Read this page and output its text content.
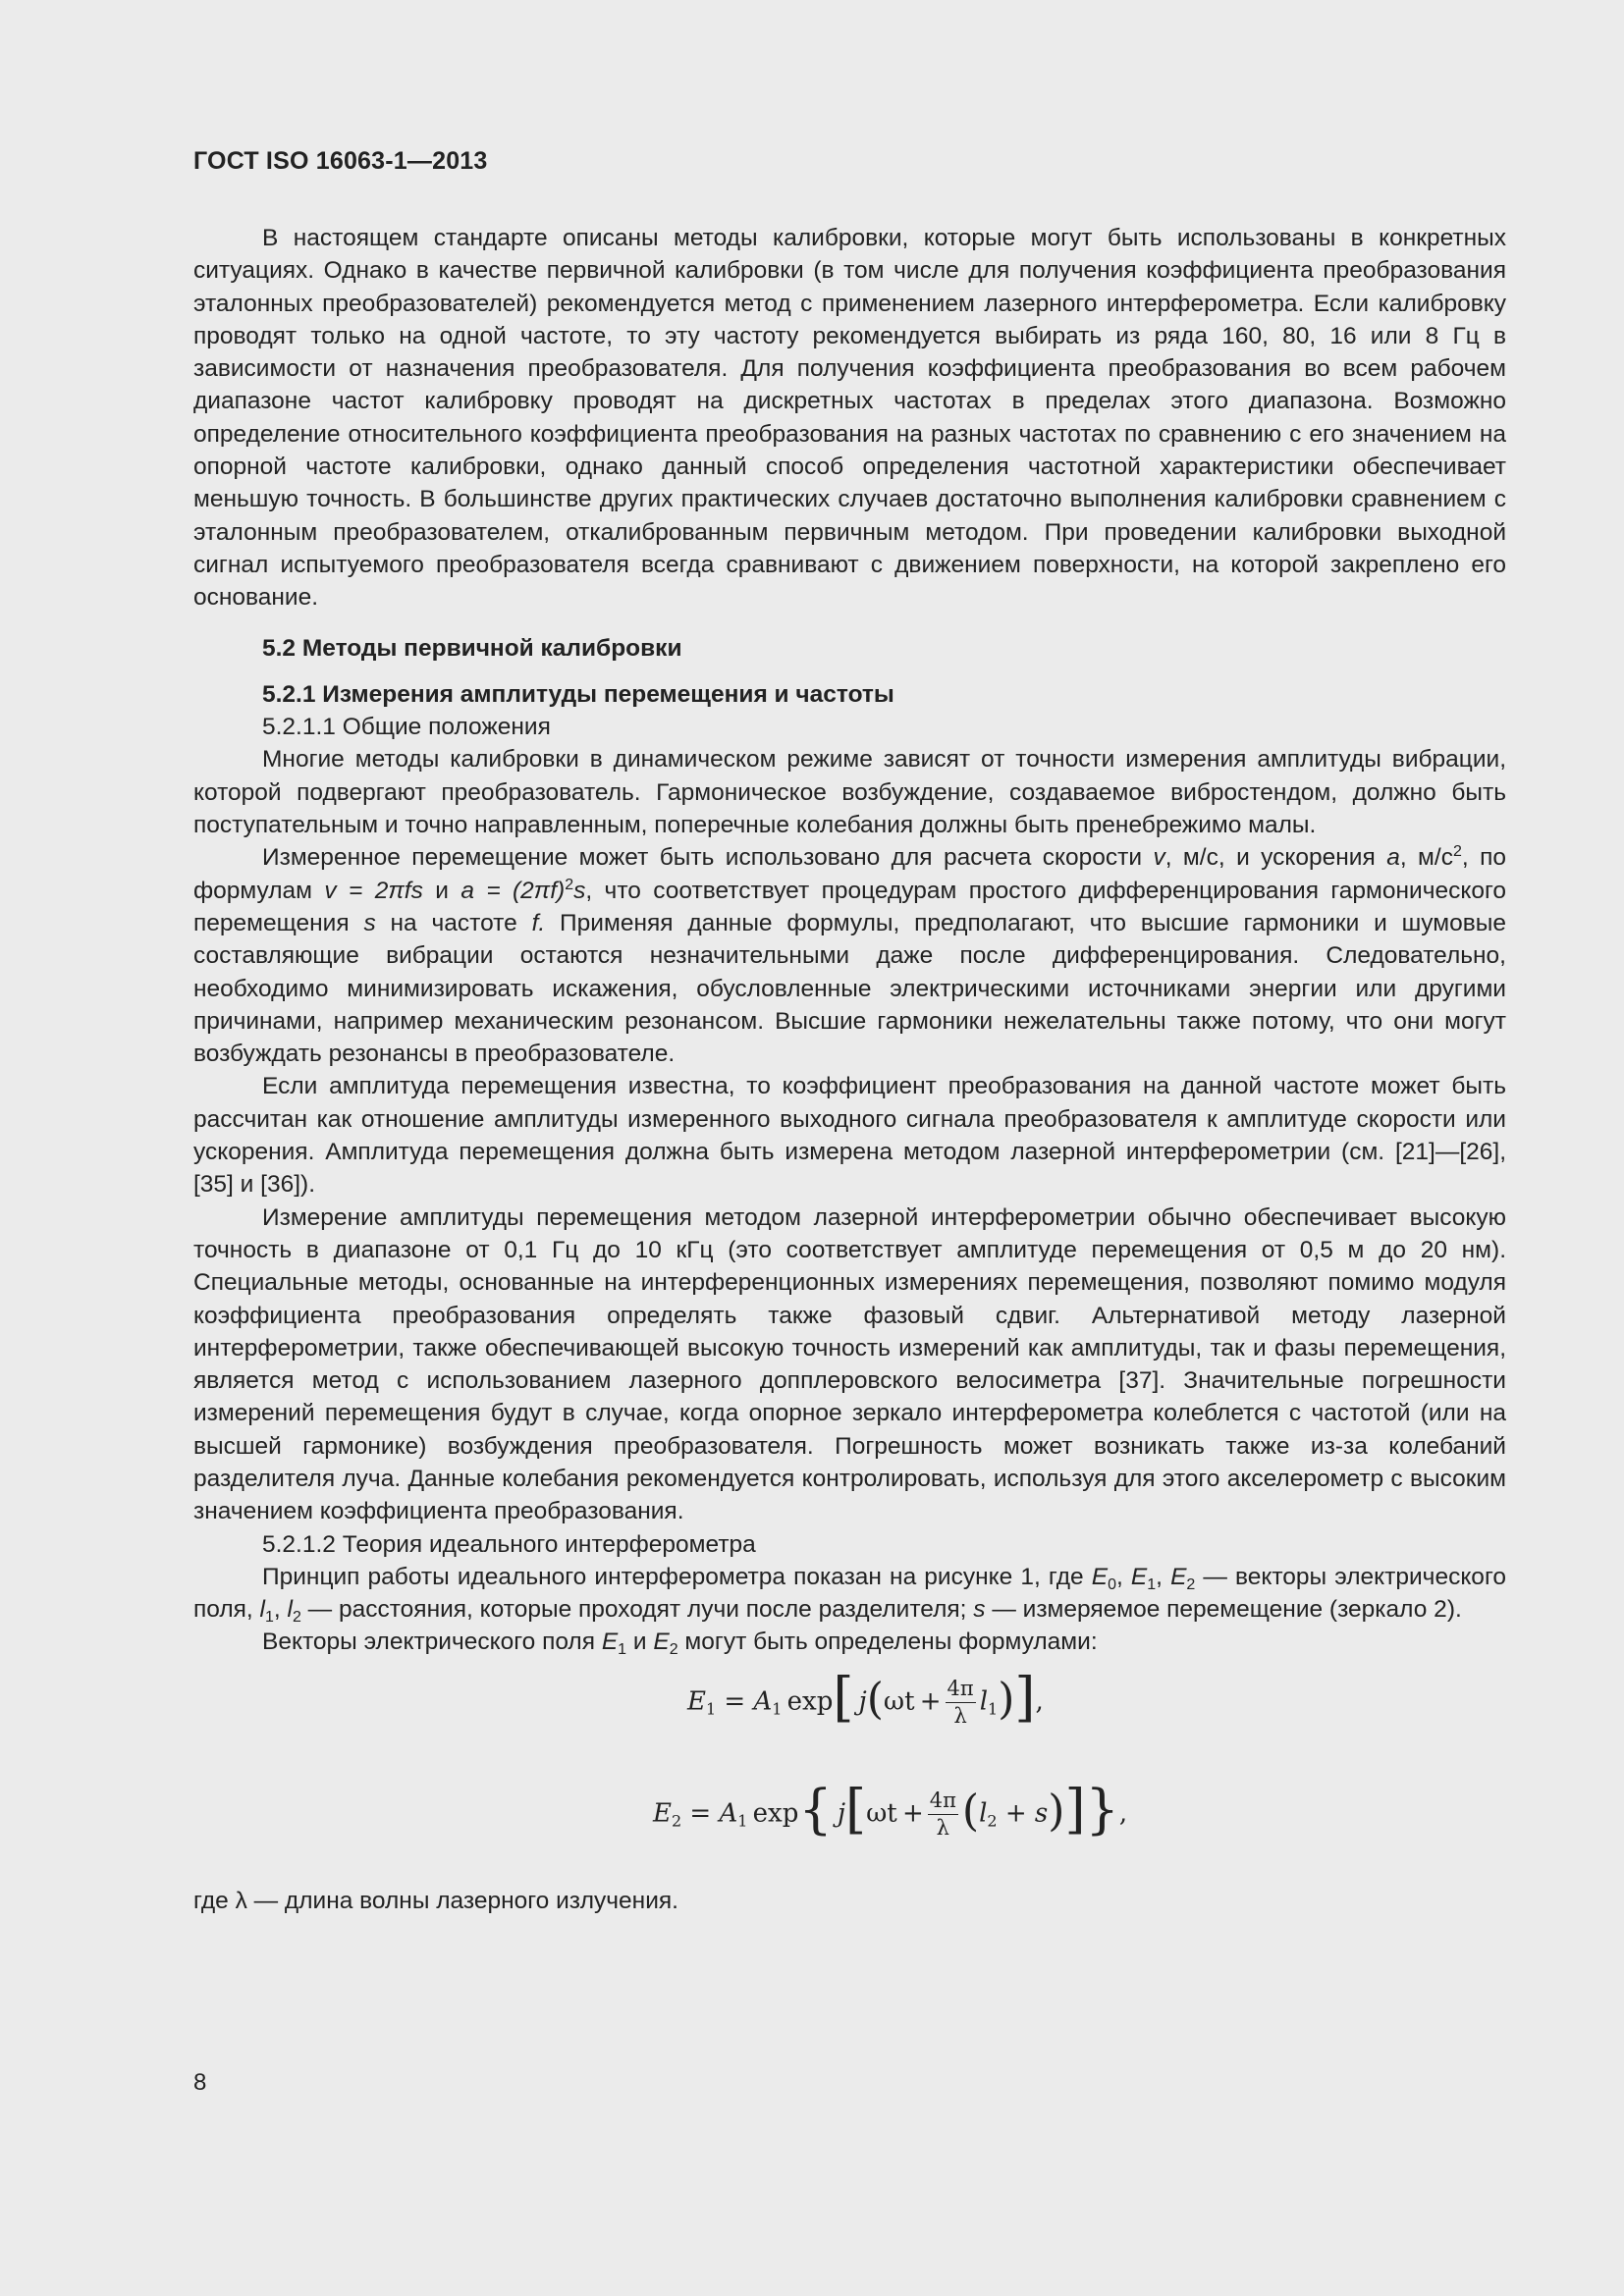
ГОСТ ISO 16063-1—2013

В настоящем стандарте описаны методы калибровки, которые могут быть использованы в конкретных ситуациях. Однако в качестве первичной калибровки (в том числе для получения коэффициента преобразования эталонных преобразователей) рекомендуется метод с применением лазерного интерферометра. Если калибровку проводят только на одной частоте, то эту частоту рекомендуется выбирать из ряда 160, 80, 16 или 8 Гц в зависимости от назначения преобразователя. Для получения коэффициента преобразования во всем рабочем диапазоне частот калибровку проводят на дискретных частотах в пределах этого диапазона. Возможно определение относительного коэффициента преобразования на разных частотах по сравнению с его значением на опорной частоте калибровки, однако данный способ определения частотной характеристики обеспечивает меньшую точность. В большинстве других практических случаев достаточно выполнения калибровки сравнением с эталонным преобразователем, откалиброванным первичным методом. При проведении калибровки выходной сигнал испытуемого преобразователя всегда сравнивают с движением поверхности, на которой закреплено его основание.

5.2 Методы первичной калибровки

5.2.1 Измерения амплитуды перемещения и частоты

5.2.1.1 Общие положения

Многие методы калибровки в динамическом режиме зависят от точности измерения амплитуды вибрации, которой подвергают преобразователь. Гармоническое возбуждение, создаваемое вибростендом, должно быть поступательным и точно направленным, поперечные колебания должны быть пренебрежимо малы.

Измеренное перемещение может быть использовано для расчета скорости v, м/с, и ускорения a, $м/с^2$, по формулам v = 2πfs и $a = (2\pi f)^2s$, что соответствует процедурам простого дифференцирования гармонического перемещения s на частоте f. Применяя данные формулы, предполагают, что высшие гармоники и шумовые составляющие вибрации остаются незначительными даже после дифференцирования. Следовательно, необходимо минимизировать искажения, обусловленные электрическими источниками энергии или другими причинами, например механическим резонансом. Высшие гармоники нежелательны также потому, что они могут возбуждать резонансы в преобразователе.

Если амплитуда перемещения известна, то коэффициент преобразования на данной частоте может быть рассчитан как отношение амплитуды измеренного выходного сигнала преобразователя к амплитуде скорости или ускорения. Амплитуда перемещения должна быть измерена методом лазерной интерферометрии (см. [21]—[26], [35] и [36]).

Измерение амплитуды перемещения методом лазерной интерферометрии обычно обеспечивает высокую точность в диапазоне от 0,1 Гц до 10 кГц (это соответствует амплитуде перемещения от 0,5 м до 20 нм). Специальные методы, основанные на интерференционных измерениях перемещения, позволяют помимо модуля коэффициента преобразования определять также фазовый сдвиг. Альтернативой методу лазерной интерферометрии, также обеспечивающей высокую точность измерений как амплитуды, так и фазы перемещения, является метод с использованием лазерного допплеровского велосиметра [37]. Значительные погрешности измерений перемещения будут в случае, когда опорное зеркало интерферометра колеблется с частотой (или на высшей гармонике) возбуждения преобразователя. Погрешность может возникать также из-за колебаний разделителя луча. Данные колебания рекомендуется контролировать, используя для этого акселерометр с высоким значением коэффициента преобразования.

5.2.1.2 Теория идеального интерферометра

Принцип работы идеального интерферометра показан на рисунке 1, где $E_0$, $E_1$, $E_2$ — векторы электрического поля, $l_1$, $l_2$ — расстояния, которые проходят лучи после разделителя; s — измеряемое перемещение (зеркало 2).

Векторы электрического поля $E_1$ и $E_2$ могут быть определены формулами:

$E_1 = A_1$  exp[  $j(\omega t + \frac{4\pi}{\lambda} l_1)$],
$E_2 = A_1$  exp{  $j[\omega t + \frac{4\pi}{\lambda} (l_2 + s)]$},

где λ — длина волны лазерного излучения.

8
